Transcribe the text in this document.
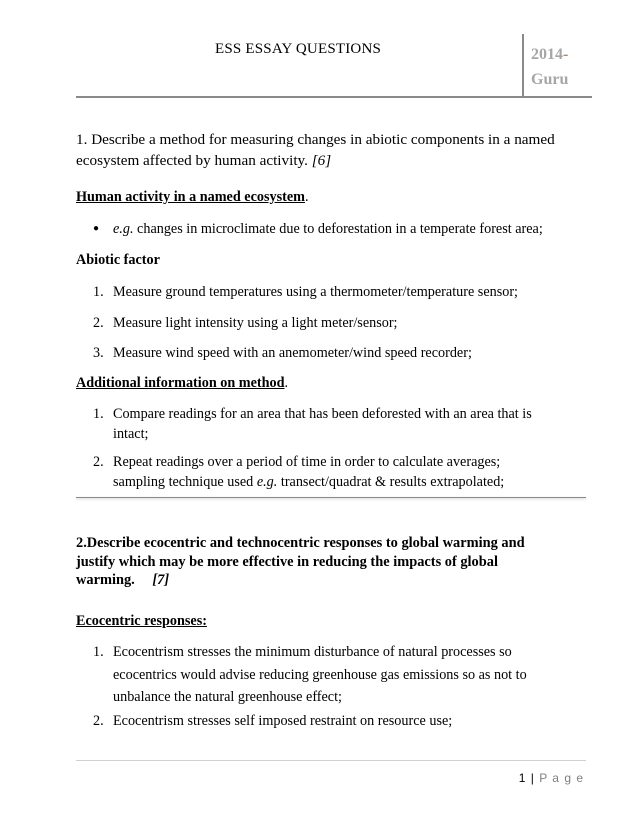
ESS ESSAY QUESTIONS	2014-
Guru
1. Describe a method for measuring changes in abiotic components in a named
ecosystem affected by human activity. [6]
Human activity in a named ecosystem.
● e.g. changes in microclimate due to deforestation in a temperate forest area;
Abiotic factor
1. Measure ground temperatures using a thermometer/temperature sensor;
2. Measure light intensity using a light meter/sensor;
3. Measure wind speed with an anemometer/wind speed recorder;
Additional information on method.
1. Compare readings for an area that has been deforested with an area that is
intact;
2. Repeat readings over a period of time in order to calculate averages;
sampling technique used e.g. transect/quadrat & results extrapolated;
2.Describe ecocentric and technocentric responses to global warming and
justify which may be more effective in reducing the impacts of global
warming. [7]
Ecocentric responses:
1. Ecocentrism stresses the minimum disturbance of natural processes so
ecocentrics would advise reducing greenhouse gas emissions so as not to
unbalance the natural greenhouse effect;
2. Ecocentrism stresses self imposed restraint on resource use;
1 | P a g e
